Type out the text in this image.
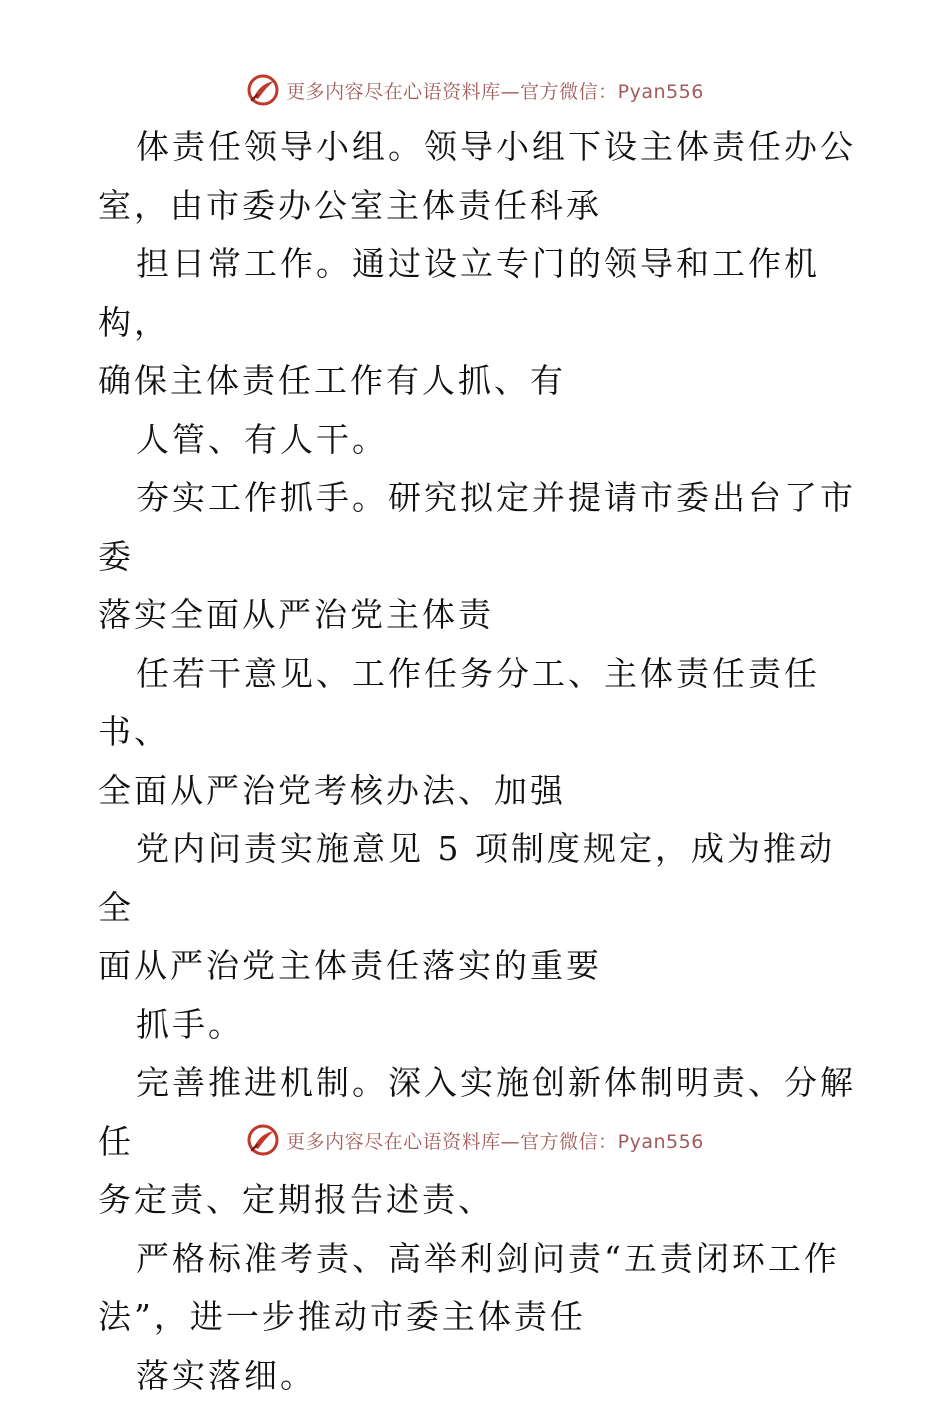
更多内容尽在心语资料库—官方微信：Pyan556

体责任领导小组。领导小组下设主体责任办公
室，由市委办公室主体责任科承

担日常工作。通过设立专门的领导和工作机构，
确保主体责任工作有人抓、有

人管、有人干。

夯实工作抓手。研究拟定并提请市委出台了市委
落实全面从严治党主体责

任若干意见、工作任务分工、主体责任责任书、
全面从严治党考核办法、加强

党内问责实施意见 5 项制度规定，成为推动全
面从严治党主体责任落实的重要

抓手。

完善推进机制。深入实施创新体制明责、分解任
务定责、定期报告述责、

严格标准考责、高举利剑问责“五责闭环工作
法”，进一步推动市委主体责任

落实落细。

更多内容尽在心语资料库—官方微信：Pyan556
